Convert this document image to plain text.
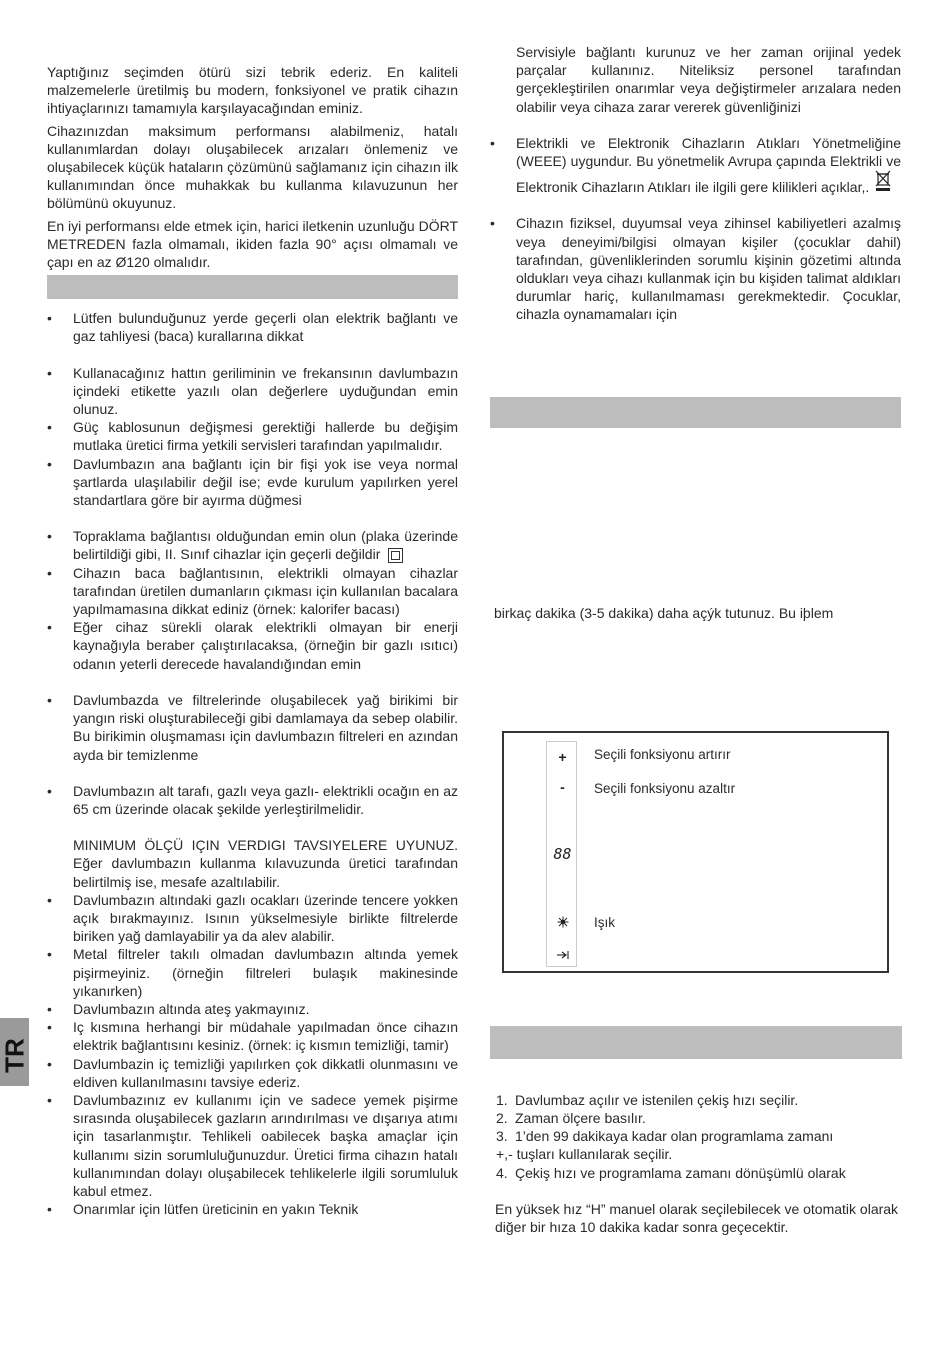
Yaptığınız seçimden ötürü sizi tebrik ederiz. En kaliteli malzemelerle üretilmiş bu modern, fonksiyonel ve pratik cihazın ihtiyaçlarınızı tamamıyla karşılayacağından eminiz.

Cihazınızdan maksimum performansı alabilmeniz, hatalı kullanımlardan dolayı oluşabilecek arızaları önlemeniz ve oluşabilecek küçük hataların çözümünü sağlamanız için cihazın ilk kullanımından önce muhakkak bu kullanma kılavuzunun her bölümünü okuyunuz.

En iyi performansı elde etmek için, harici iletkenin uzunluğu DÖRT METREDEN fazla olmamalı, ikiden fazla 90° açısı olmamalı ve çapı en az Ø120 olmalıdır.

• Lütfen bulunduğunuz yerde geçerli olan elektrik bağlantı ve gaz tahliyesi (baca) kurallarına dikkat
• Kullanacağınız hattın geriliminin ve frekansının davlumbazın içindeki etikette yazılı olan değerlere uyduğundan emin olunuz.
• Güç kablosunun değişmesi gerektiği hallerde bu değişim mutlaka üretici firma yetkili servisleri tarafından yapılmalıdır.
• Davlumbazın ana bağlantı için bir fişi yok ise veya normal şartlarda ulaşılabilir değil ise; evde kurulum yapılırken yerel standartlara göre bir ayırma düğmesi
• Topraklama bağlantısı olduğundan emin olun (plaka üzerinde belirtildiği gibi, II. Sınıf cihazlar için geçerli değildir
• Cihazın baca bağlantısının, elektrikli olmayan cihazlar tarafından üretilen dumanların çıkması için kullanılan bacalara yapılmamasına dikkat ediniz (örnek: kalorifer bacası)
• Eğer cihaz sürekli olarak elektrikli olmayan bir enerji kaynağıyla beraber çalıştırılacaksa, (örneğin bir gazlı ısıtıcı) odanın yeterli derecede havalandığından emin
• Davlumbazda ve filtrelerinde oluşabilecek yağ birikimi bir yangın riski oluşturabileceği gibi damlamaya da sebep olabilir. Bu birikimin oluşmaması için davlumbazın filtreleri en azından ayda bir temizlenme
• Davlumbazın alt tarafı, gazlı veya gazlı- elektrikli ocağın en az 65 cm üzerinde olacak şekilde yerleştirilmelidir.
MINIMUM ÖLÇÜ IÇIN VERDIGI TAVSIYELERE UYUNUZ. Eğer davlumbazın kullanma kılavuzunda üretici tarafından belirtilmiş ise, mesafe azaltılabilir.
• Davlumbazın altındaki gazlı ocakları üzerinde tencere yokken açık bırakmayınız. Isının yükselmesiyle birlikte filtrelerde biriken yağ damlayabilir ya da alev alabilir.
• Metal filtreler takılı olmadan davlumbazın altında yemek pişirmeyiniz. (örneğin filtreleri bulaşık makinesinde yıkanırken)
• Davlumbazın altında ateş yakmayınız.
• Iç kısmına herhangi bir müdahale yapılmadan önce cihazın elektrik bağlantısını kesiniz. (örnek: iç kısmın temizliği, tamir)
• Davlumbazin iç temizliği yapılırken çok dikkatli olunmasını ve eldiven kullanılmasını tavsiye ederiz.
• Davlumbazınız ev kullanımı için ve sadece yemek pişirme sırasında oluşabilecek gazların arındırılması ve dışarıya atımı için tasarlanmıştır. Tehlikeli oabilecek başka amaçlar için kullanımı sizin sorumluluğunuzdur. Üretici firma cihazın hatalı kullanımından dolayı oluşabilecek tehlikelerle ilgili sorumluluk kabul etmez.
• Onarımlar için lütfen üreticinin en yakın Teknik
Servisiyle bağlantı kurunuz ve her zaman orijinal yedek parçalar kullanınız. Niteliksiz personel tarafından gerçekleştirilen onarımlar veya değiştirmeler arızalara neden olabilir veya cihaza zarar vererek güvenliğinizi
• Elektrikli ve Elektronik Cihazların Atıkları Yönetmeliğine (WEEE) uygundur. Bu yönetmelik Avrupa çapında Elektrikli ve Elektronik Cihazların Atıkları ile ilgili gere klilikleri açıklar,.
• Cihazın fiziksel, duyumsal veya zihinsel kabiliyetleri azalmış veya deneyimi/bilgisi olmayan kişiler (çocuklar dahil) tarafından, güvenliklerinden sorumlu kişinin gözetimi altında oldukları veya cihazı kullanmak için bu kişiden talimat aldıkları durumlar hariç, kullanılmaması gerekmektedir. Çocuklar, cihazla oynamamaları için

birkaç dakika (3-5 dakika) daha açýk tutunuz. Bu iþlem

1. Davlumbaz açılır ve istenilen çekiş hızı seçilir.
2. Zaman ölçere basılır.
3. 1’den 99 dakikaya kadar olan programlama zamanı
+,- tuşları kullanılarak seçilir.
4. Çekiş hızı ve programlama zamanı dönüşümlü olarak

En yüksek hız “H” manuel olarak seçilebilecek ve otomatik olarak diğer bir hıza 10 dakika kadar sonra geçecektir.

+
-
88
Seçili fonksiyonu artırır
Seçili fonksiyonu azaltır
Işık
TR
